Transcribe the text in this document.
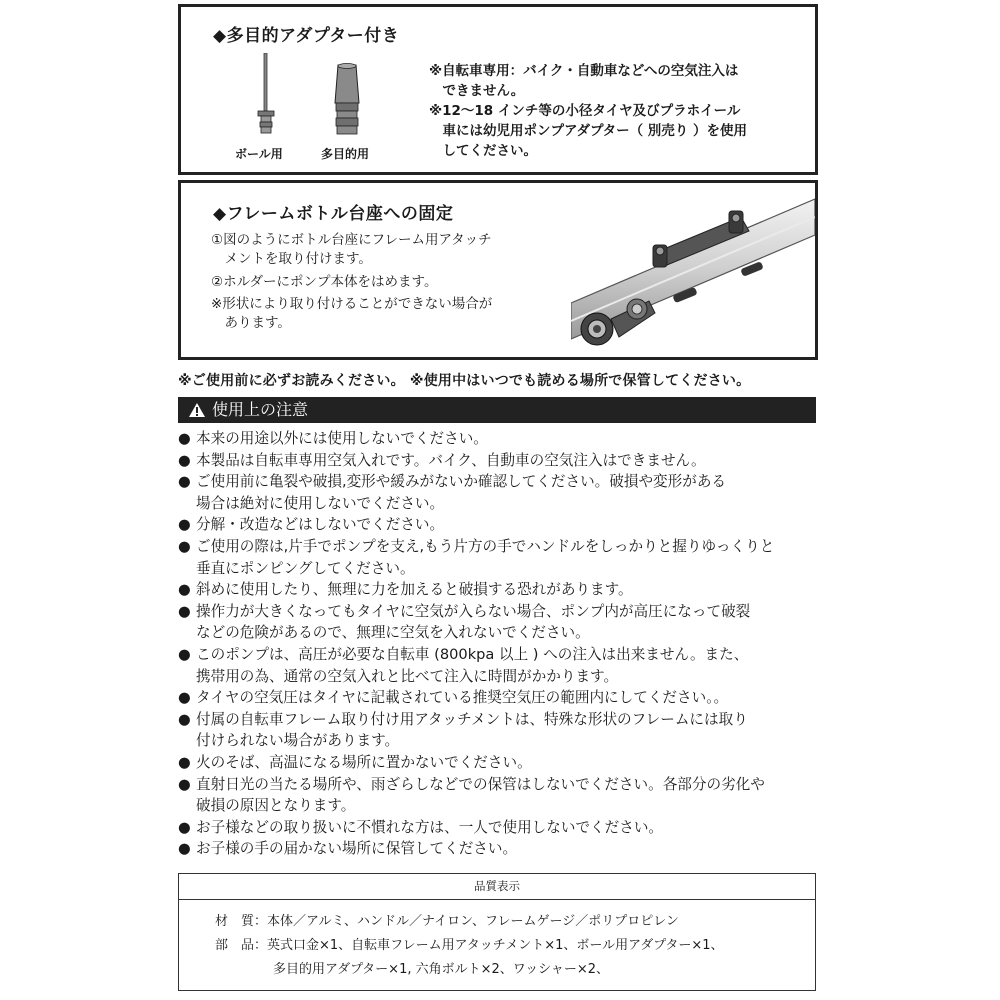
◆多目的アダプター付き
ボール用	多目的用
※自転車専用：バイク・自動車などへの空気注入は
　できません。
※12～18 インチ等の小径タイヤ及びプラホイール
　車には幼児用ポンプアダプター（ 別売り ）を使用
　してください。
◆フレームボトル台座への固定
①図のようにボトル台座にフレーム用アタッチ
　メントを取り付けます。
②ホルダーにポンプ本体をはめます。
※形状により取り付けることができない場合が
　あります。
※ご使用前に必ずお読みください。 ※使用中はいつでも読める場所で保管してください。
使用上の注意
● 本来の用途以外には使用しないでください。
● 本製品は自転車専用空気入れです。バイク、自動車の空気注入はできません。
● ご使用前に亀裂や破損,変形や緩みがないか確認してください。破損や変形がある
場合は絶対に使用しないでください。
● 分解・改造などはしないでください。
● ご使用の際は,片手でポンプを支え,もう片方の手でハンドルをしっかりと握りゆっくりと
垂直にポンピングしてください。
● 斜めに使用したり、無理に力を加えると破損する恐れがあります。
● 操作力が大きくなってもタイヤに空気が入らない場合、ポンプ内が高圧になって破裂
などの危険があるので、無理に空気を入れないでください。
● このポンプは、高圧が必要な自転車 (800kpa 以上 ) への注入は出来ません。また、
携帯用の為、通常の空気入れと比べて注入に時間がかかります。
● タイヤの空気圧はタイヤに記載されている推奨空気圧の範囲内にしてください。。
● 付属の自転車フレーム取り付け用アタッチメントは、特殊な形状のフレームには取り
付けられない場合があります。
● 火のそば、高温になる場所に置かないでください。
● 直射日光の当たる場所や、雨ざらしなどでの保管はしないでください。各部分の劣化や
破損の原因となります。
● お子様などの取り扱いに不慣れな方は、一人で使用しないでください。
● お子様の手の届かない場所に保管してください。
品質表示
材　質：本体／アルミ、ハンドル／ナイロン、フレームゲージ／ポリプロピレン
部　品：英式口金×1、自転車フレーム用アタッチメント×1、ボール用アダプター×1、
多目的用アダプター×1, 六角ボルト×2、ワッシャー×2、
